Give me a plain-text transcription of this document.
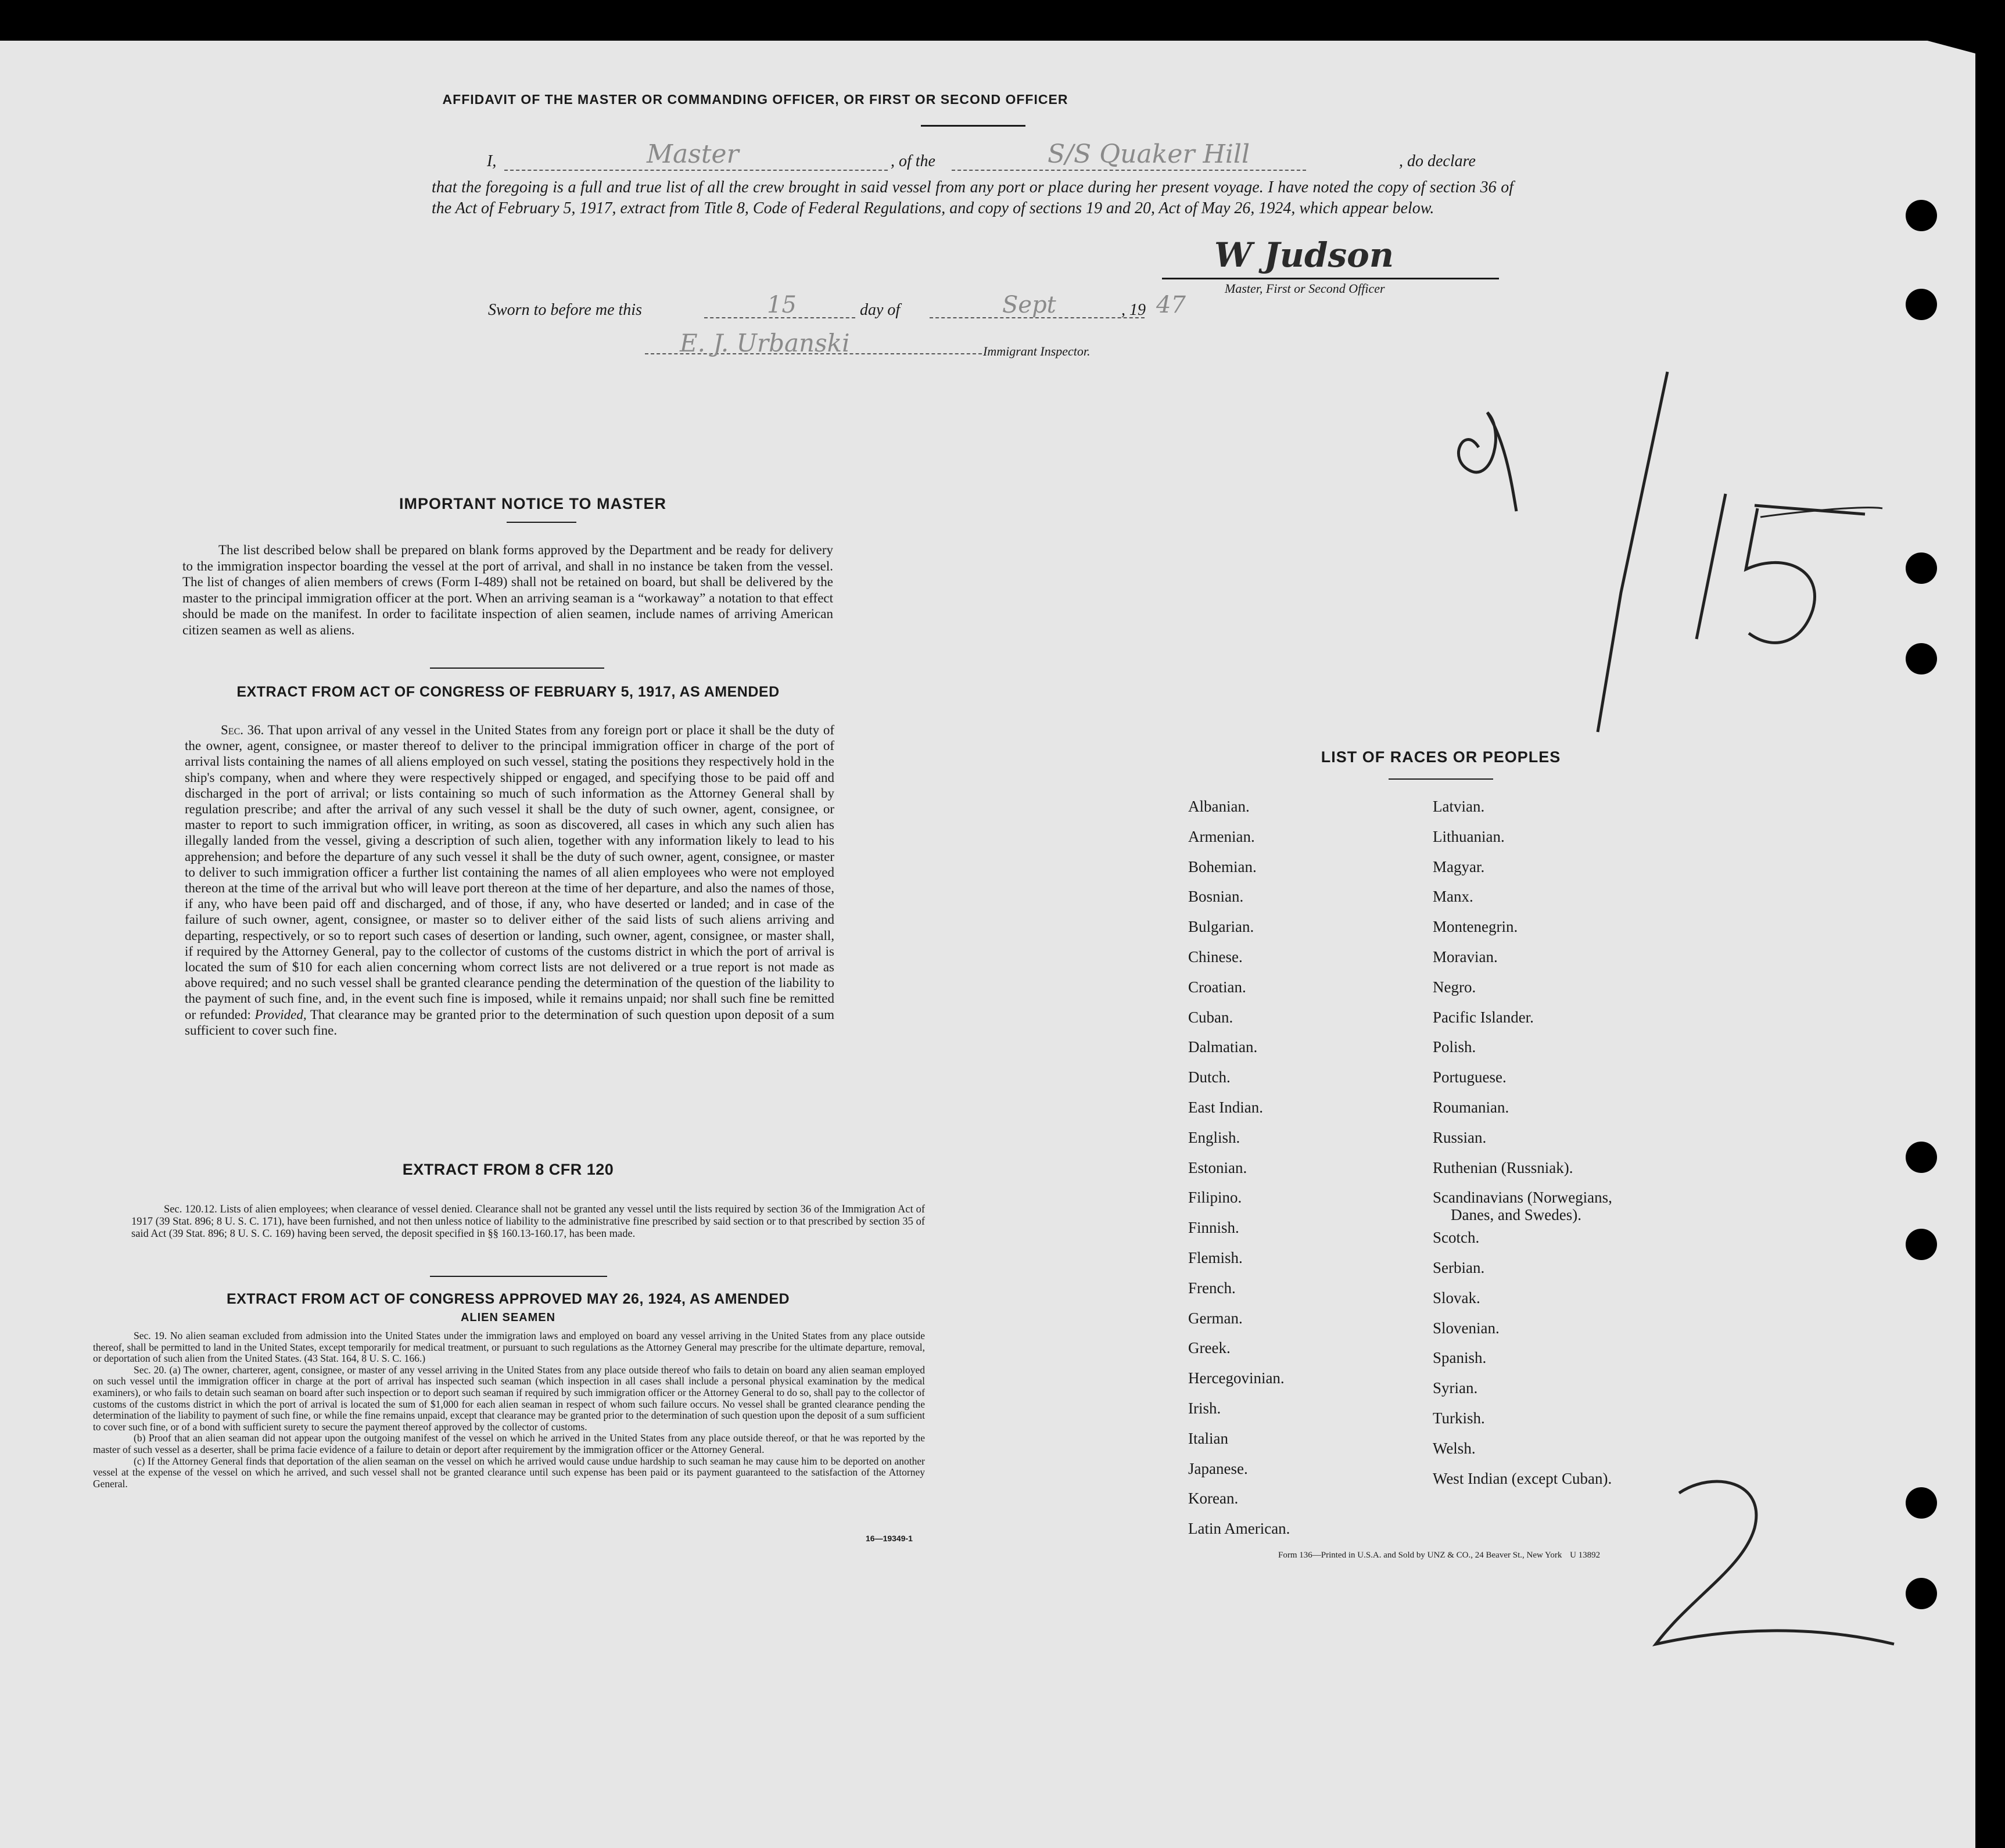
AFFIDAVIT OF THE MASTER OR COMMANDING OFFICER, OR FIRST OR SECOND OFFICER
I,	Master	, of the	S/S Quaker Hill	, do declare
that the foregoing is a full and true list of all the crew brought in said vessel from any port or place during her present voyage. I have noted the copy of section 36 of the Act of February 5, 1917, extract from Title 8, Code of Federal Regulations, and copy of sections 19 and 20, Act of May 26, 1924, which appear below.
W Judson
Master, First or Second Officer
Sworn to before me this	15	day of	Sept	, 19 47
E. J. Urbanski	Immigrant Inspector.
IMPORTANT NOTICE TO MASTER
The list described below shall be prepared on blank forms approved by the Department and be ready for delivery to the immigration inspector boarding the vessel at the port of arrival, and shall in no instance be taken from the vessel. The list of changes of alien members of crews (Form I-489) shall not be retained on board, but shall be delivered by the master to the principal immigration officer at the port. When an arriving seaman is a “workaway” a notation to that effect should be made on the manifest. In order to facilitate inspection of alien seamen, include names of arriving American citizen seamen as well as aliens.
EXTRACT FROM ACT OF CONGRESS OF FEBRUARY 5, 1917, AS AMENDED
Sec. 36. That upon arrival of any vessel in the United States from any foreign port or place it shall be the duty of the owner, agent, consignee, or master thereof to deliver to the principal immigration officer in charge of the port of arrival lists containing the names of all aliens employed on such vessel, stating the positions they respectively hold in the ship's company, when and where they were respectively shipped or engaged, and specifying those to be paid off and discharged in the port of arrival; or lists containing so much of such information as the Attorney General shall by regulation prescribe; and after the arrival of any such vessel it shall be the duty of such owner, agent, consignee, or master to report to such immigration officer, in writing, as soon as discovered, all cases in which any such alien has illegally landed from the vessel, giving a description of such alien, together with any information likely to lead to his apprehension; and before the departure of any such vessel it shall be the duty of such owner, agent, consignee, or master to deliver to such immigration officer a further list containing the names of all alien employees who were not employed thereon at the time of the arrival but who will leave port thereon at the time of her departure, and also the names of those, if any, who have been paid off and discharged, and of those, if any, who have deserted or landed; and in case of the failure of such owner, agent, consignee, or master so to deliver either of the said lists of such aliens arriving and departing, respectively, or so to report such cases of desertion or landing, such owner, agent, consignee, or master shall, if required by the Attorney General, pay to the collector of customs of the customs district in which the port of arrival is located the sum of $10 for each alien concerning whom correct lists are not delivered or a true report is not made as above required; and no such vessel shall be granted clearance pending the determination of the question of the liability to the payment of such fine, and, in the event such fine is imposed, while it remains unpaid; nor shall such fine be remitted or refunded: Provided, That clearance may be granted prior to the determination of such question upon deposit of a sum sufficient to cover such fine.
EXTRACT FROM 8 CFR 120
Sec. 120.12. Lists of alien employees; when clearance of vessel denied. Clearance shall not be granted any vessel until the lists required by section 36 of the Immigration Act of 1917 (39 Stat. 896; 8 U. S. C. 171), have been furnished, and not then unless notice of liability to the administrative fine prescribed by said section or to that prescribed by section 35 of said Act (39 Stat. 896; 8 U. S. C. 169) having been served, the deposit specified in §§ 160.13-160.17, has been made.
EXTRACT FROM ACT OF CONGRESS APPROVED MAY 26, 1924, AS AMENDED
ALIEN SEAMEN
Sec. 19. No alien seaman excluded from admission into the United States under the immigration laws and employed on board any vessel arriving in the United States from any place outside thereof, shall be permitted to land in the United States, except temporarily for medical treatment, or pursuant to such regulations as the Attorney General may prescribe for the ultimate departure, removal, or deportation of such alien from the United States. (43 Stat. 164, 8 U. S. C. 166.)
Sec. 20. (a) The owner, charterer, agent, consignee, or master of any vessel arriving in the United States from any place outside thereof who fails to detain on board any alien seaman employed on such vessel until the immigration officer in charge at the port of arrival has inspected such seaman (which inspection in all cases shall include a personal physical examination by the medical examiners), or who fails to detain such seaman on board after such inspection or to deport such seaman if required by such immigration officer or the Attorney General to do so, shall pay to the collector of customs of the customs district in which the port of arrival is located the sum of $1,000 for each alien seaman in respect of whom such failure occurs. No vessel shall be granted clearance pending the determination of the liability to payment of such fine, or while the fine remains unpaid, except that clearance may be granted prior to the determination of such question upon the deposit of a sum sufficient to cover such fine, or of a bond with sufficient surety to secure the payment thereof approved by the collector of customs.
(b) Proof that an alien seaman did not appear upon the outgoing manifest of the vessel on which he arrived in the United States from any place outside thereof, or that he was reported by the master of such vessel as a deserter, shall be prima facie evidence of a failure to detain or deport after requirement by the immigration officer or the Attorney General.
(c) If the Attorney General finds that deportation of the alien seaman on the vessel on which he arrived would cause undue hardship to such seaman he may cause him to be deported on another vessel at the expense of the vessel on which he arrived, and such vessel shall not be granted clearance until such expense has been paid or its payment guaranteed to the satisfaction of the Attorney General.
16—19349-1
LIST OF RACES OR PEOPLES
Albanian.
Armenian.
Bohemian.
Bosnian.
Bulgarian.
Chinese.
Croatian.
Cuban.
Dalmatian.
Dutch.
East Indian.
English.
Estonian.
Filipino.
Finnish.
Flemish.
French.
German.
Greek.
Hercegovinian.
Irish.
Italian
Japanese.
Korean.
Latin American.
Latvian.
Lithuanian.
Magyar.
Manx.
Montenegrin.
Moravian.
Negro.
Pacific Islander.
Polish.
Portuguese.
Roumanian.
Russian.
Ruthenian (Russniak).
Scandinavians (Norwegians,
Danes, and Swedes).
Scotch.
Serbian.
Slovak.
Slovenian.
Spanish.
Syrian.
Turkish.
Welsh.
West Indian (except Cuban).
Form 136—Printed in U.S.A. and Sold by UNZ & CO., 24 Beaver St., New York U 13892
